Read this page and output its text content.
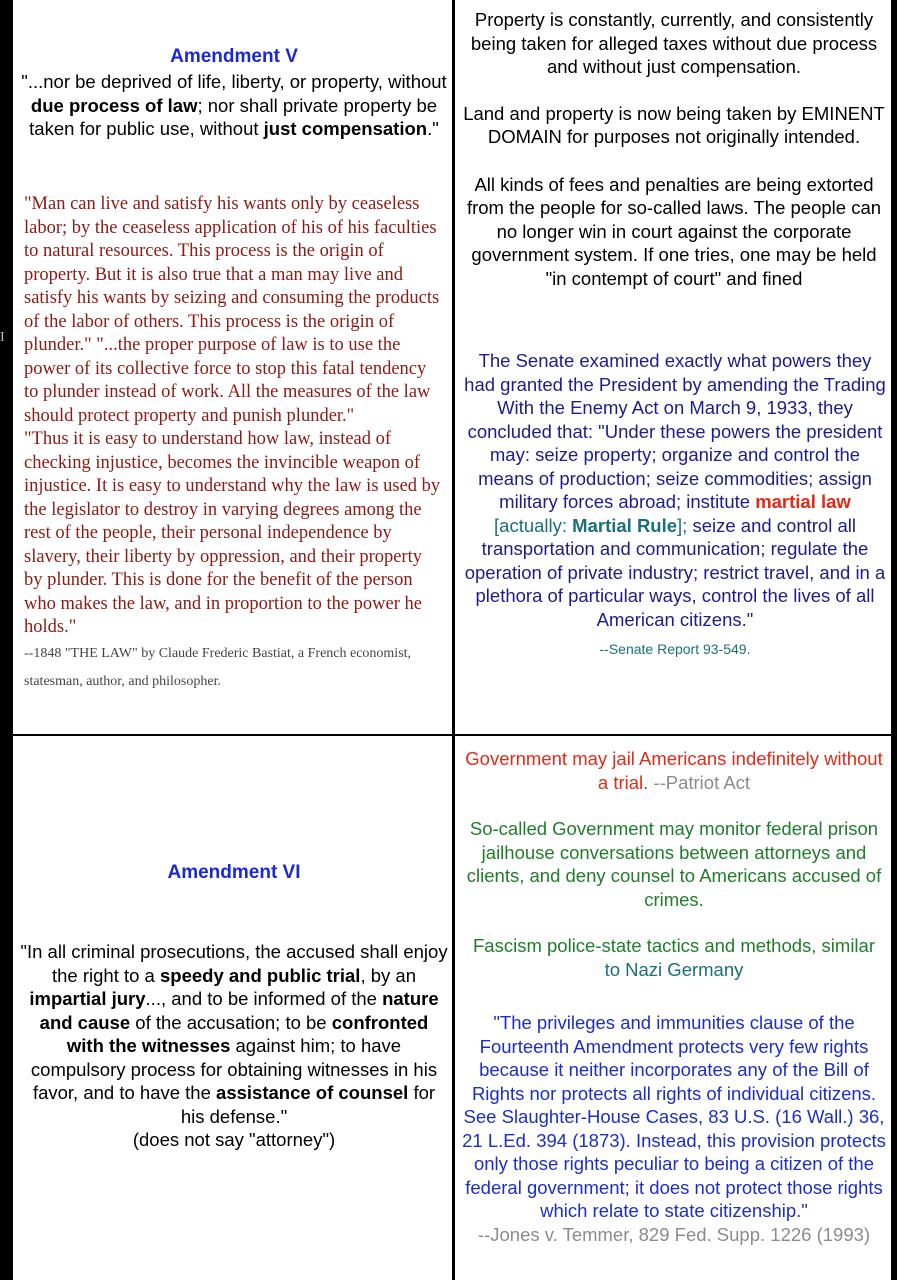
I

Amendment V

"...nor be deprived of life, liberty, or property, without due process of law; nor shall private property be taken for public use, without just compensation."

"Man can live and satisfy his wants only by ceaseless labor; by the ceaseless application of his of his faculties to natural resources. This process is the origin of property. But it is also true that a man may live and satisfy his wants by seizing and consuming the products of the labor of others. This process is the origin of plunder." "...the proper purpose of law is to use the power of its collective force to stop this fatal tendency to plunder instead of work. All the measures of the law should protect property and punish plunder."

"Thus it is easy to understand how law, instead of checking injustice, becomes the invincible weapon of injustice. It is easy to understand why the law is used by the legislator to destroy in varying degrees among the rest of the people, their personal independence by slavery, their liberty by oppression, and their property by plunder. This is done for the benefit of the person who makes the law, and in proportion to the power he holds."

--1848 "THE LAW" by Claude Frederic Bastiat, a French economist, statesman, author, and philosopher.

Property is constantly, currently, and consistently being taken for alleged taxes without due process and without just compensation.

Land and property is now being taken by EMINENT DOMAIN for purposes not originally intended.

All kinds of fees and penalties are being extorted from the people for so-called laws. The people can no longer win in court against the corporate government system. If one tries, one may be held "in contempt of court" and fined

The Senate examined exactly what powers they had granted the President by amending the Trading With the Enemy Act on March 9, 1933, they concluded that: "Under these powers the president may: seize property; organize and control the means of production; seize commodities; assign military forces abroad; institute martial law [actually: Martial Rule]; seize and control all transportation and communication; regulate the operation of private industry; restrict travel, and in a plethora of particular ways, control the lives of all American citizens."

--Senate Report 93-549.

Amendment VI

"In all criminal prosecutions, the accused shall enjoy the right to a speedy and public trial, by an impartial jury..., and to be informed of the nature and cause of the accusation; to be confronted with the witnesses against him; to have compulsory process for obtaining witnesses in his favor, and to have the assistance of counsel for his defense."

(does not say "attorney")

Government may jail Americans indefinitely without a trial. --Patriot Act

So-called Government may monitor federal prison jailhouse conversations between attorneys and clients, and deny counsel to Americans accused of crimes.

Fascism police-state tactics and methods, similar
to Nazi Germany

"The privileges and immunities clause of the Fourteenth Amendment protects very few rights because it neither incorporates any of the Bill of Rights nor protects all rights of individual citizens. See Slaughter-House Cases, 83 U.S. (16 Wall.) 36, 21 L.Ed. 394 (1873). Instead, this provision protects only those rights peculiar to being a citizen of the federal government; it does not protect those rights which relate to state citizenship."

--Jones v. Temmer, 829 Fed. Supp. 1226 (1993)
